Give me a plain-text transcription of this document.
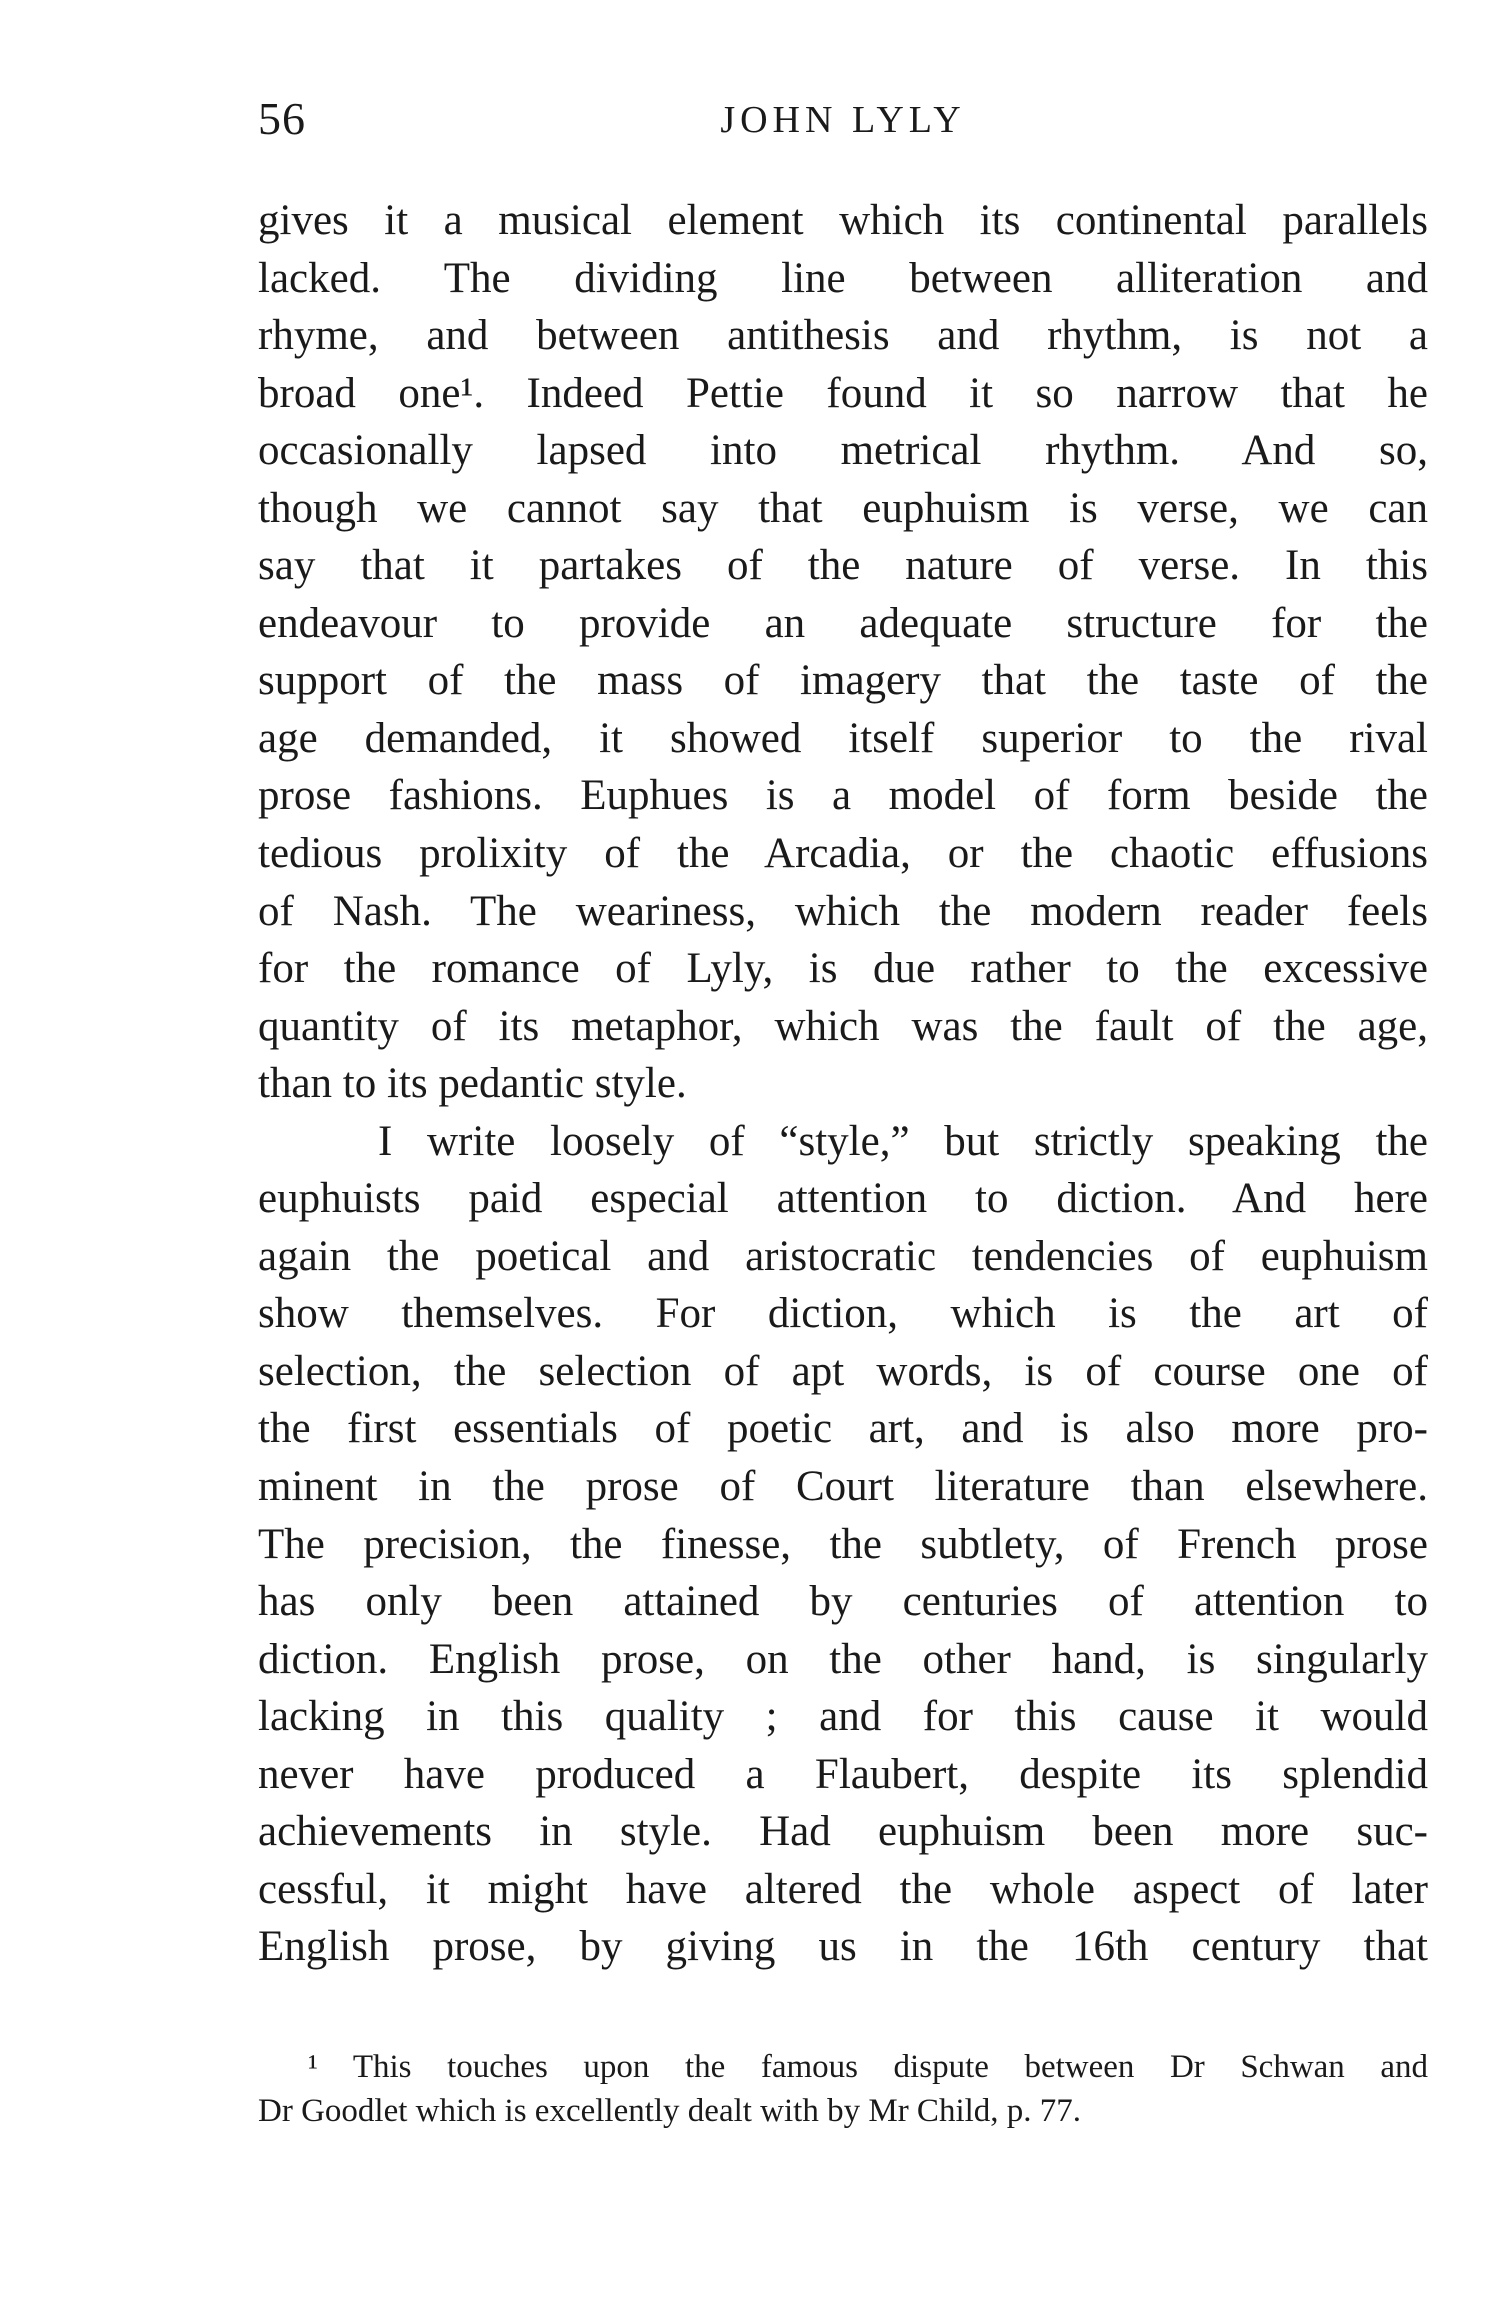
56	JOHN LYLY
gives it a musical element which its continental parallels
lacked. The dividing line between alliteration and
rhyme, and between antithesis and rhythm, is not a
broad one¹. Indeed Pettie found it so narrow that he
occasionally lapsed into metrical rhythm. And so,
though we cannot say that euphuism is verse, we can
say that it partakes of the nature of verse. In this
endeavour to provide an adequate structure for the
support of the mass of imagery that the taste of the
age demanded, it showed itself superior to the rival
prose fashions. Euphues is a model of form beside the
tedious prolixity of the Arcadia, or the chaotic effusions
of Nash. The weariness, which the modern reader feels
for the romance of Lyly, is due rather to the excessive
quantity of its metaphor, which was the fault of the age,
than to its pedantic style.
I write loosely of “style,” but strictly speaking the
euphuists paid especial attention to diction. And here
again the poetical and aristocratic tendencies of euphuism
show themselves. For diction, which is the art of
selection, the selection of apt words, is of course one of
the first essentials of poetic art, and is also more pro-
minent in the prose of Court literature than elsewhere.
The precision, the finesse, the subtlety, of French prose
has only been attained by centuries of attention to
diction. English prose, on the other hand, is singularly
lacking in this quality ; and for this cause it would
never have produced a Flaubert, despite its splendid
achievements in style. Had euphuism been more suc-
cessful, it might have altered the whole aspect of later
English prose, by giving us in the 16th century that
¹ This touches upon the famous dispute between Dr Schwan and
Dr Goodlet which is excellently dealt with by Mr Child, p. 77.
